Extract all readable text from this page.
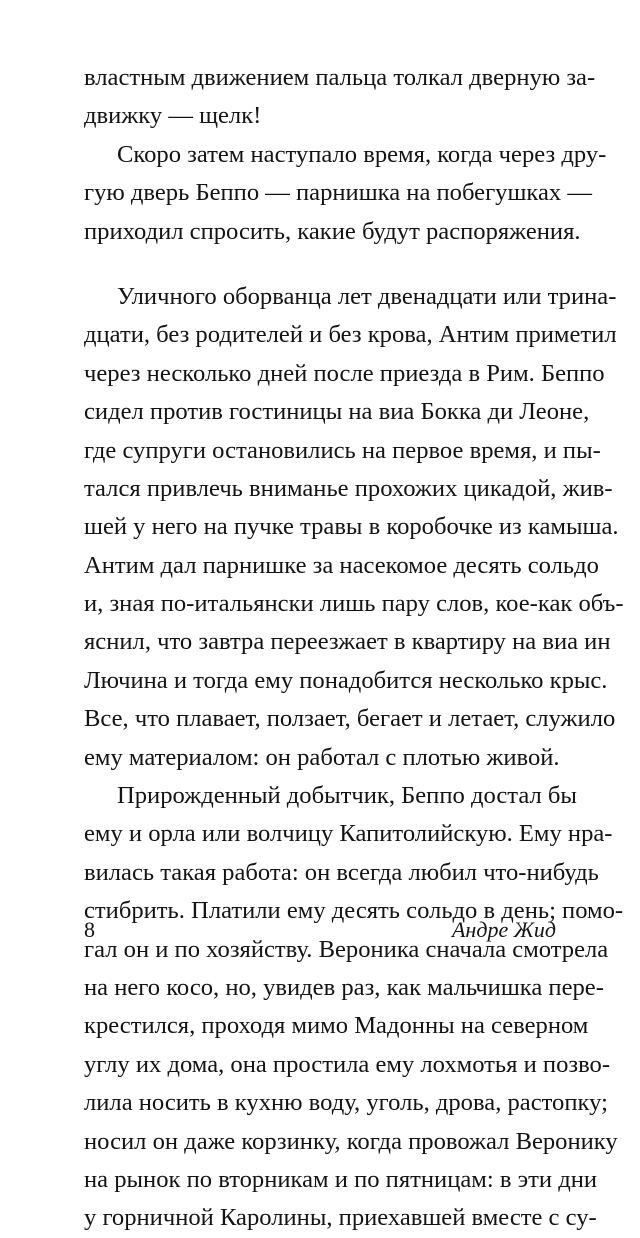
властным движением пальца толкал дверную за-
движку — щелк!
Скоро затем наступало время, когда через дру-
гую дверь Беппо — парнишка на побегушках —
приходил спросить, какие будут распоряжения.
Уличного оборванца лет двенадцати или трина-
дцати, без родителей и без крова, Антим приметил
через несколько дней после приезда в Рим. Беппо
сидел против гостиницы на виа Бокка ди Леоне,
где супруги остановились на первое время, и пы-
тался привлечь вниманье прохожих цикадой, жив-
шей у него на пучке травы в коробочке из камыша.
Антим дал парнишке за насекомое десять сольдо
и, зная по-итальянски лишь пару слов, кое-как объ-
яснил, что завтра переезжает в квартиру на виа ин
Лючина и тогда ему понадобится несколько крыс.
Все, что плавает, ползает, бегает и летает, служило
ему материалом: он работал с плотью живой.
Прирожденный добытчик, Беппо достал бы
ему и орла или волчицу Капитолийскую. Ему нра-
вилась такая работа: он всегда любил что-нибудь
стибрить. Платили ему десять сольдо в день; помо-
гал он и по хозяйству. Вероника сначала смотрела
на него косо, но, увидев раз, как мальчишка пере-
крестился, проходя мимо Мадонны на северном
углу их дома, она простила ему лохмотья и позво-
лила носить в кухню воду, уголь, дрова, растопку;
носил он даже корзинку, когда провожал Веронику
на рынок по вторникам и по пятницам: в эти дни
у горничной Каролины, приехавшей вместе с су-
8	Андре Жид
